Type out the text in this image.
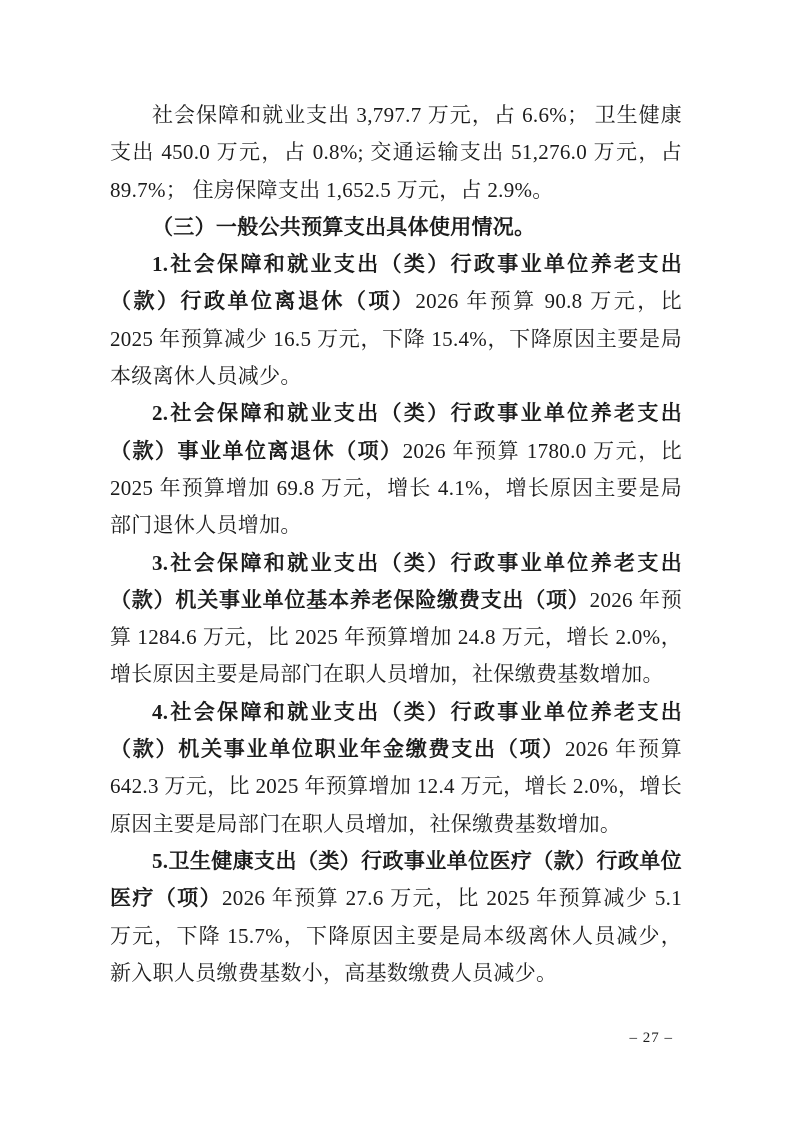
社会保障和就业支出 3,797.7 万元，占 6.6%； 卫生健康支出 450.0 万元，占 0.8%; 交通运输支出 51,276.0 万元，占 89.7%； 住房保障支出 1,652.5 万元，占 2.9%。

（三）一般公共预算支出具体使用情况。

1.社会保障和就业支出（类）行政事业单位养老支出（款）行政单位离退休（项）2026 年预算 90.8 万元，比 2025 年预算减少 16.5 万元，下降 15.4%，下降原因主要是局本级离休人员减少。

2.社会保障和就业支出（类）行政事业单位养老支出（款）事业单位离退休（项）2026 年预算 1780.0 万元，比 2025 年预算增加 69.8 万元，增长 4.1%，增长原因主要是局部门退休人员增加。

3.社会保障和就业支出（类）行政事业单位养老支出（款）机关事业单位基本养老保险缴费支出（项）2026 年预算 1284.6 万元，比 2025 年预算增加 24.8 万元，增长 2.0%，增长原因主要是局部门在职人员增加，社保缴费基数增加。

4.社会保障和就业支出（类）行政事业单位养老支出（款）机关事业单位职业年金缴费支出（项）2026 年预算 642.3 万元，比 2025 年预算增加 12.4 万元，增长 2.0%，增长原因主要是局部门在职人员增加，社保缴费基数增加。

5.卫生健康支出（类）行政事业单位医疗（款）行政单位医疗（项）2026 年预算 27.6 万元，比 2025 年预算减少 5.1 万元，下降 15.7%，下降原因主要是局本级离休人员减少，新入职人员缴费基数小，高基数缴费人员减少。

– 27 –
